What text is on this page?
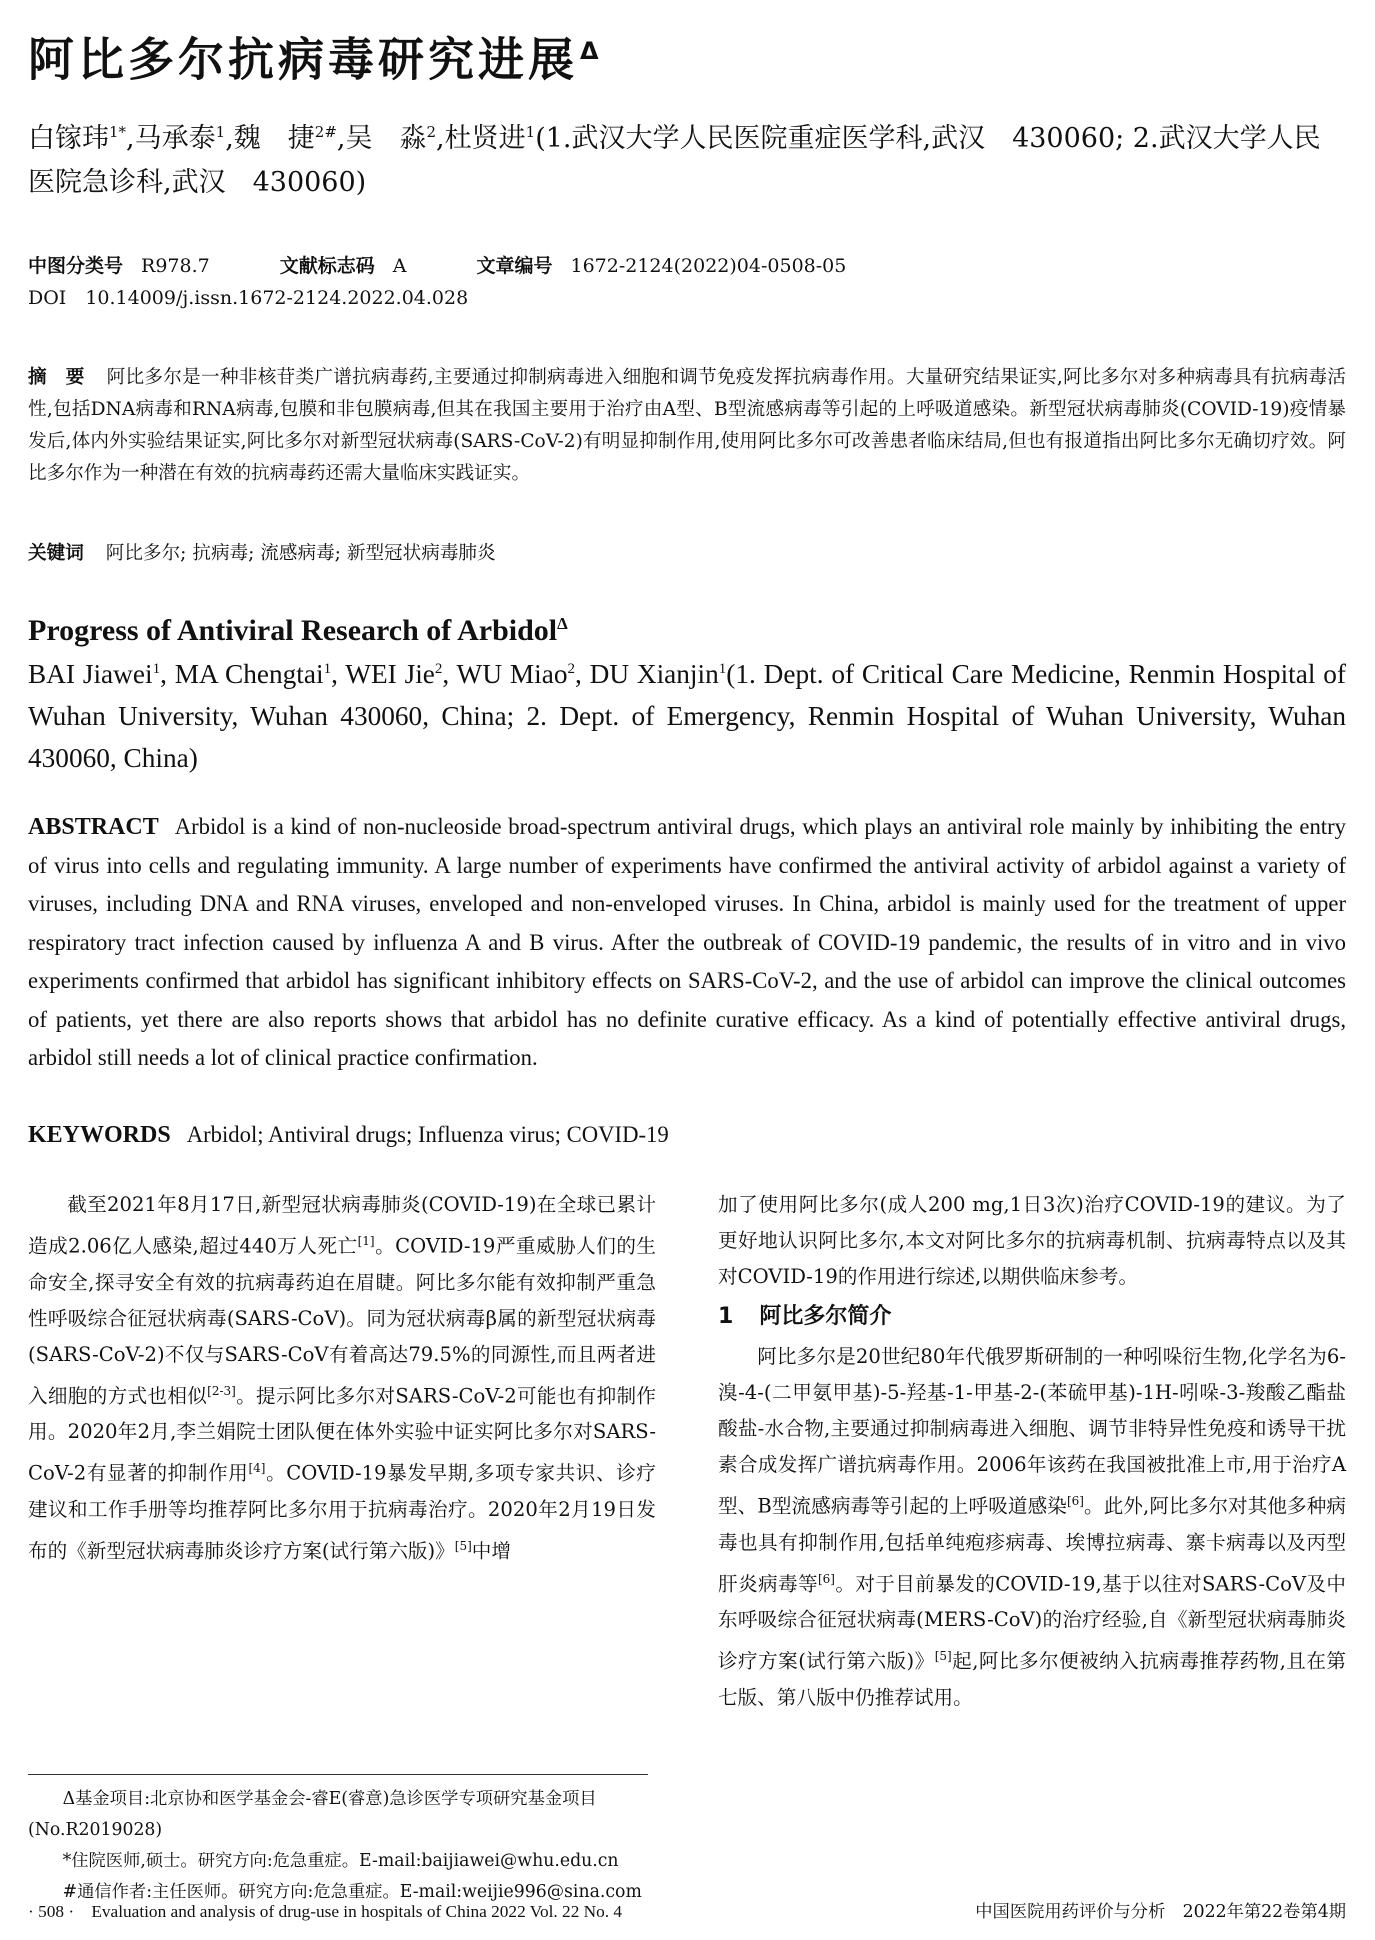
阿比多尔抗病毒研究进展$^\Delta$
白镓玮$^{1*}$,马承泰$^1$,魏　捷$^{2\#}$,吴　淼$^2$,杜贤进$^1$(1.武汉大学人民医院重症医学科,武汉　430060; 2.武汉大学人民医院急诊科,武汉　430060)
中图分类号 R978.7	文献标志码 A	文章编号 1672-2124(2022)04-0508-05
DOI　10.14009/j.issn.1672-2124.2022.04.028
摘　要 阿比多尔是一种非核苷类广谱抗病毒药,主要通过抑制病毒进入细胞和调节免疫发挥抗病毒作用。大量研究结果证实,阿比多尔对多种病毒具有抗病毒活性,包括DNA病毒和RNA病毒,包膜和非包膜病毒,但其在我国主要用于治疗由A型、B型流感病毒等引起的上呼吸道感染。新型冠状病毒肺炎(COVID-19)疫情暴发后,体内外实验结果证实,阿比多尔对新型冠状病毒(SARS-CoV-2)有明显抑制作用,使用阿比多尔可改善患者临床结局,但也有报道指出阿比多尔无确切疗效。阿比多尔作为一种潜在有效的抗病毒药还需大量临床实践证实。
关键词 阿比多尔; 抗病毒; 流感病毒; 新型冠状病毒肺炎
Progress of Antiviral Research of Arbidol$^\Delta$
BAI Jiawei$^1$, MA Chengtai$^1$, WEI Jie$^2$, WU Miao$^2$, DU Xianjin$^1$(1. Dept. of Critical Care Medicine, Renmin Hospital of Wuhan University, Wuhan 430060, China; 2. Dept. of Emergency, Renmin Hospital of Wuhan University, Wuhan 430060, China)
ABSTRACT Arbidol is a kind of non-nucleoside broad-spectrum antiviral drugs, which plays an antiviral role mainly by inhibiting the entry of virus into cells and regulating immunity. A large number of experiments have confirmed the antiviral activity of arbidol against a variety of viruses, including DNA and RNA viruses, enveloped and non-enveloped viruses. In China, arbidol is mainly used for the treatment of upper respiratory tract infection caused by influenza A and B virus. After the outbreak of COVID-19 pandemic, the results of in vitro and in vivo experiments confirmed that arbidol has significant inhibitory effects on SARS-CoV-2, and the use of arbidol can improve the clinical outcomes of patients, yet there are also reports shows that arbidol has no definite curative efficacy. As a kind of potentially effective antiviral drugs, arbidol still needs a lot of clinical practice confirmation.
KEYWORDS Arbidol; Antiviral drugs; Influenza virus; COVID-19

截至2021年8月17日,新型冠状病毒肺炎(COVID-19)在全球已累计造成2.06亿人感染,超过440万人死亡[1]。COVID-19严重威胁人们的生命安全,探寻安全有效的抗病毒药迫在眉睫。阿比多尔能有效抑制严重急性呼吸综合征冠状病毒(SARS-CoV)。同为冠状病毒β属的新型冠状病毒(SARS-CoV-2)不仅与SARS-CoV有着高达79.5%的同源性,而且两者进入细胞的方式也相似[2-3]。提示阿比多尔对SARS-CoV-2可能也有抑制作用。2020年2月,李兰娟院士团队便在体外实验中证实阿比多尔对SARS-CoV-2有显著的抑制作用[4]。COVID-19暴发早期,多项专家共识、诊疗建议和工作手册等均推荐阿比多尔用于抗病毒治疗。2020年2月19日发布的《新型冠状病毒肺炎诊疗方案(试行第六版)》[5]中增

Δ基金项目:北京协和医学基金会-睿E(睿意)急诊医学专项研究基金项目(No.R2019028)

*住院医师,硕士。研究方向:危急重症。E-mail:baijiawei@whu.edu.cn

#通信作者:主任医师。研究方向:危急重症。E-mail:weijie996@sina.com

加了使用阿比多尔(成人200 mg,1日3次)治疗COVID-19的建议。为了更好地认识阿比多尔,本文对阿比多尔的抗病毒机制、抗病毒特点以及其对COVID-19的作用进行综述,以期供临床参考。

1 阿比多尔简介

阿比多尔是20世纪80年代俄罗斯研制的一种吲哚衍生物,化学名为6-溴-4-(二甲氨甲基)-5-羟基-1-甲基-2-(苯硫甲基)-1H-吲哚-3-羧酸乙酯盐酸盐-水合物,主要通过抑制病毒进入细胞、调节非特异性免疫和诱导干扰素合成发挥广谱抗病毒作用。2006年该药在我国被批准上市,用于治疗A型、B型流感病毒等引起的上呼吸道感染[6]。此外,阿比多尔对其他多种病毒也具有抑制作用,包括单纯疱疹病毒、埃博拉病毒、寨卡病毒以及丙型肝炎病毒等[6]。对于目前暴发的COVID-19,基于以往对SARS-CoV及中东呼吸综合征冠状病毒(MERS-CoV)的治疗经验,自《新型冠状病毒肺炎诊疗方案(试行第六版)》[5]起,阿比多尔便被纳入抗病毒推荐药物,且在第七版、第八版中仍推荐试用。

· 508 ·　Evaluation and analysis of drug-use in hospitals of China 2022 Vol. 22 No. 4	中国医院用药评价与分析　2022年第22卷第4期
